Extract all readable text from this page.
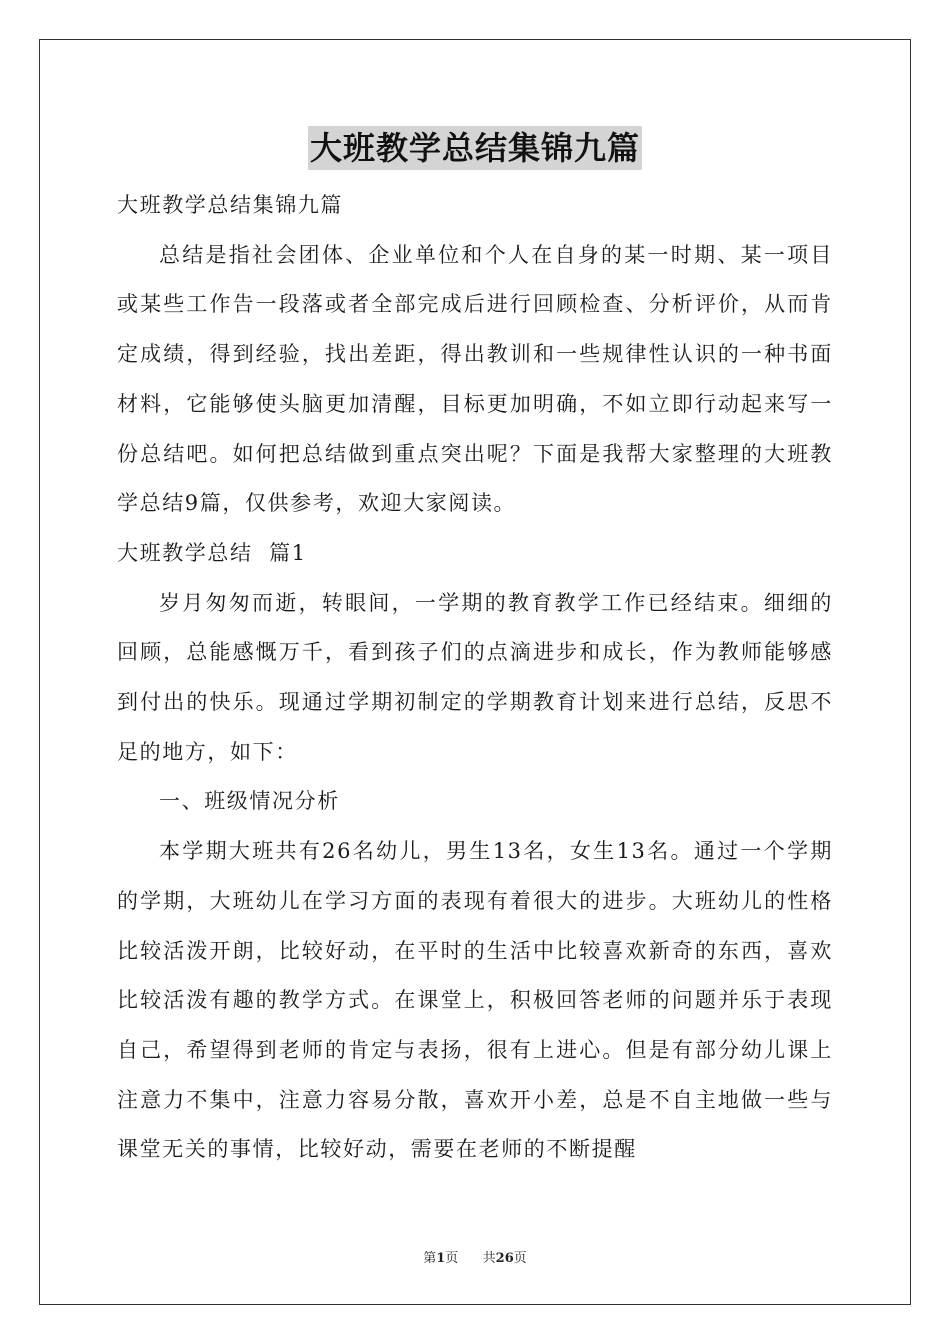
大班教学总结集锦九篇

大班教学总结集锦九篇

总结是指社会团体、企业单位和个人在自身的某一时期、某一项目或某些工作告一段落或者全部完成后进行回顾检查、分析评价，从而肯定成绩，得到经验，找出差距，得出教训和一些规律性认识的一种书面材料，它能够使头脑更加清醒，目标更加明确，不如立即行动起来写一份总结吧。如何把总结做到重点突出呢？下面是我帮大家整理的大班教学总结9篇，仅供参考，欢迎大家阅读。

大班教学总结  篇1

岁月匆匆而逝，转眼间，一学期的教育教学工作已经结束。细细的回顾，总能感慨万千，看到孩子们的点滴进步和成长，作为教师能够感到付出的快乐。现通过学期初制定的学期教育计划来进行总结，反思不足的地方，如下：

一、班级情况分析

本学期大班共有26名幼儿，男生13名，女生13名。通过一个学期的学期，大班幼儿在学习方面的表现有着很大的进步。大班幼儿的性格比较活泼开朗，比较好动，在平时的生活中比较喜欢新奇的东西，喜欢比较活泼有趣的教学方式。在课堂上，积极回答老师的问题并乐于表现自己，希望得到老师的肯定与表扬，很有上进心。但是有部分幼儿课上注意力不集中，注意力容易分散，喜欢开小差，总是不自主地做一些与课堂无关的事情，比较好动，需要在老师的不断提醒

第1页   共26页
